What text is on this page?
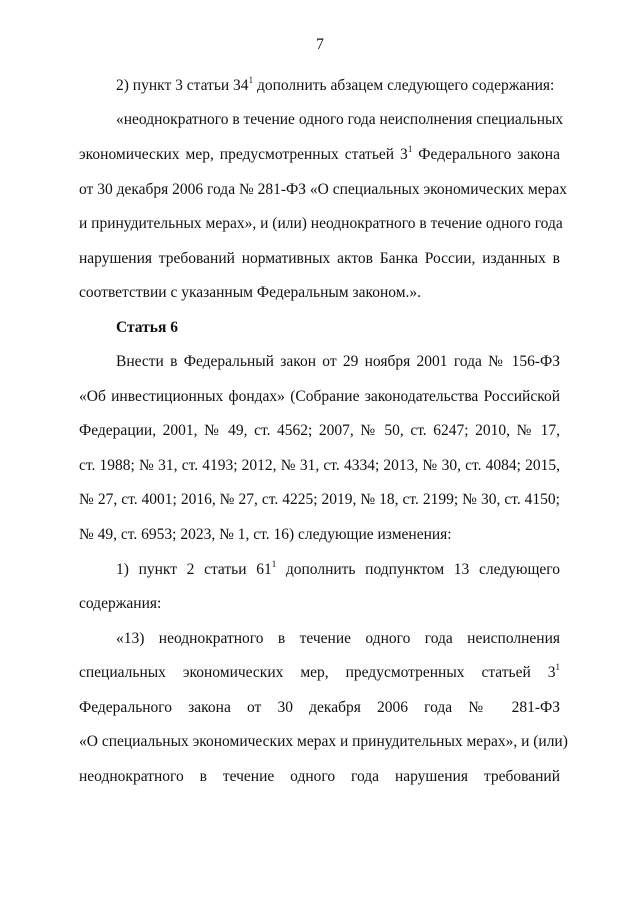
7
2) пункт 3 статьи $34^1$ дополнить абзацем следующего содержания:
«неоднократного в течение одного года неисполнения специальных
экономических мер, предусмотренных статьей $3^1$ Федерального закона
от 30 декабря 2006 года № 281-ФЗ «О специальных экономических мерах
и принудительных мерах», и (или) неоднократного в течение одного года
нарушения требований нормативных актов Банка России, изданных в
соответствии с указанным Федеральным законом.».
Статья 6
Внести в Федеральный закон от 29 ноября 2001 года № 156-ФЗ
«Об инвестиционных фондах» (Собрание законодательства Российской
Федерации, 2001, № 49, ст. 4562; 2007, № 50, ст. 6247; 2010, № 17,
ст. 1988; № 31, ст. 4193; 2012, № 31, ст. 4334; 2013, № 30, ст. 4084; 2015,
№ 27, ст. 4001; 2016, № 27, ст. 4225; 2019, № 18, ст. 2199; № 30, ст. 4150;
№ 49, ст. 6953; 2023, № 1, ст. 16) следующие изменения:
1) пункт 2 статьи $61^1$ дополнить подпунктом 13 следующего
содержания:
«13) неоднократного в течение одного года неисполнения
специальных экономических мер, предусмотренных статьей $3^1$
Федерального закона от 30 декабря 2006 года № 281-ФЗ
«О специальных экономических мерах и принудительных мерах», и (или)
неоднократного в течение одного года нарушения требований
